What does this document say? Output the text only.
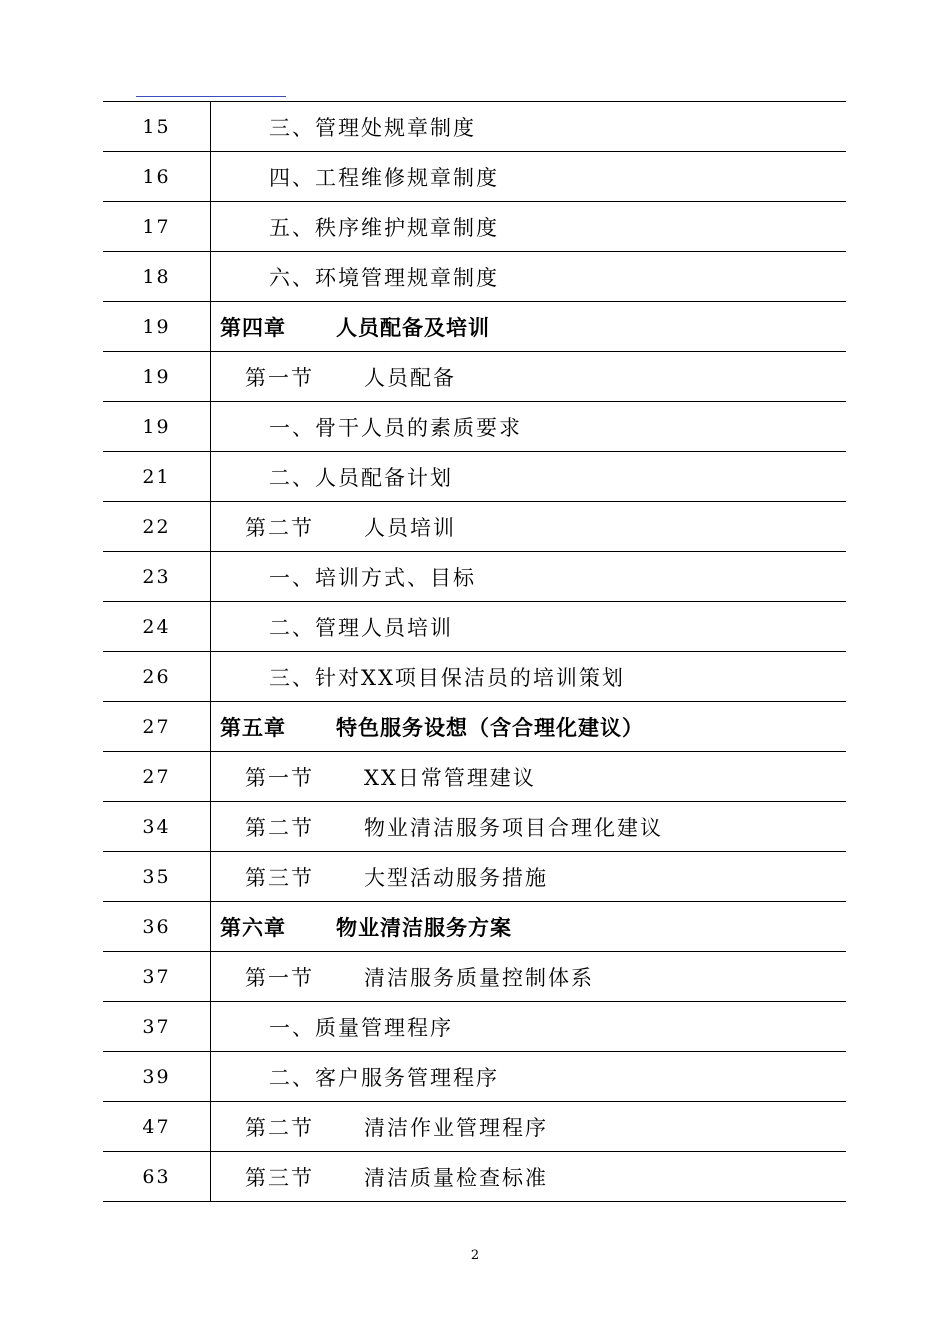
15	三、管理处规章制度
16	四、工程维修规章制度
17	五、秩序维护规章制度
18	六、环境管理规章制度
19	第四章 人员配备及培训
19	第一节 人员配备
19	一、骨干人员的素质要求
21	二、人员配备计划
22	第二节 人员培训
23	一、培训方式、目标
24	二、管理人员培训
26	三、针对XX项目保洁员的培训策划
27	第五章 特色服务设想（含合理化建议）
27	第一节 XX日常管理建议
34	第二节 物业清洁服务项目合理化建议
35	第三节 大型活动服务措施
36	第六章 物业清洁服务方案
37	第一节 清洁服务质量控制体系
37	一、质量管理程序
39	二、客户服务管理程序
47	第二节 清洁作业管理程序
63	第三节 清洁质量检查标准
2
